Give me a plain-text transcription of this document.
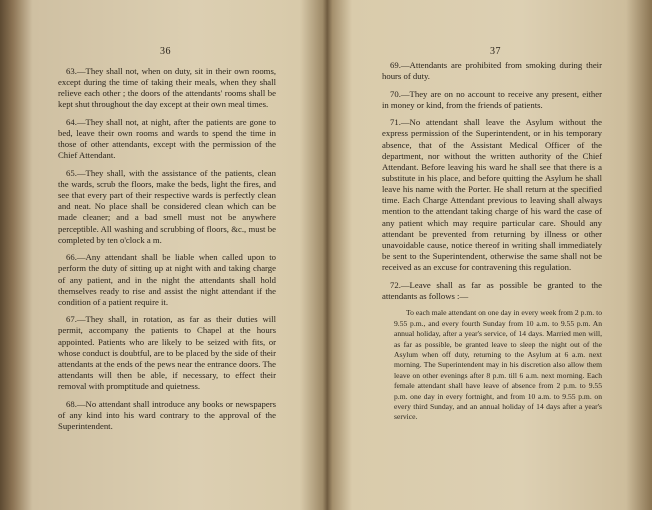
36

63.—They shall not, when on duty, sit in their own rooms, except during the time of taking their meals, when they shall relieve each other ; the doors of the attendants' rooms shall be kept shut throughout the day except at their own meal times.

64.—They shall not, at night, after the patients are gone to bed, leave their own rooms and wards to spend the time in those of other attendants, except with the permission of the Chief Attendant.

65.—They shall, with the assistance of the patients, clean the wards, scrub the floors, make the beds, light the fires, and see that every part of their respective wards is perfectly clean and neat. No place shall be considered clean which can be made cleaner; and a bad smell must not be anywhere perceptible. All washing and scrubbing of floors, &c., must be completed by ten o'clock a m.

66.—Any attendant shall be liable when called upon to perform the duty of sitting up at night with and taking charge of any patient, and in the night the attendants shall hold themselves ready to rise and assist the night attendant if the condition of a patient require it.

67.—They shall, in rotation, as far as their duties will permit, accompany the patients to Chapel at the hours appointed. Patients who are likely to be seized with fits, or whose conduct is doubtful, are to be placed by the side of their attendants at the ends of the pews near the entrance doors. The attendants will then be able, if necessary, to effect their removal with promptitude and quietness.

68.—No attendant shall introduce any books or newspapers of any kind into his ward contrary to the approval of the Superintendent.

37

69.—Attendants are prohibited from smoking during their hours of duty.

70.—They are on no account to receive any present, either in money or kind, from the friends of patients.

71.—No attendant shall leave the Asylum without the express permission of the Superintendent, or in his temporary absence, that of the Assistant Medical Officer of the department, nor without the written authority of the Chief Attendant. Before leaving his ward he shall see that there is a substitute in his place, and before quitting the Asylum he shall leave his name with the Porter. He shall return at the specified time. Each Charge Attendant previous to leaving shall always mention to the attendant taking charge of his ward the case of any patient which may require particular care. Should any attendant be prevented from returning by illness or other unavoidable cause, notice thereof in writing shall immediately be sent to the Superintendent, otherwise the same shall not be received as an excuse for contravening this regulation.

72.—Leave shall as far as possible be granted to the attendants as follows :—

To each male attendant on one day in every week from 2 p.m. to 9.55 p.m., and every fourth Sunday from 10 a.m. to 9.55 p.m. An annual holiday, after a year's service, of 14 days. Married men will, as far as possible, be granted leave to sleep the night out of the Asylum when off duty, returning to the Asylum at 6 a.m. next morning. The Superintendent may in his discretion also allow them leave on other evenings after 8 p.m. till 6 a.m. next morning. Each female attendant shall have leave of absence from 2 p.m. to 9.55 p.m. one day in every fortnight, and from 10 a.m. to 9.55 p.m. on every third Sunday, and an annual holiday of 14 days after a year's service.
